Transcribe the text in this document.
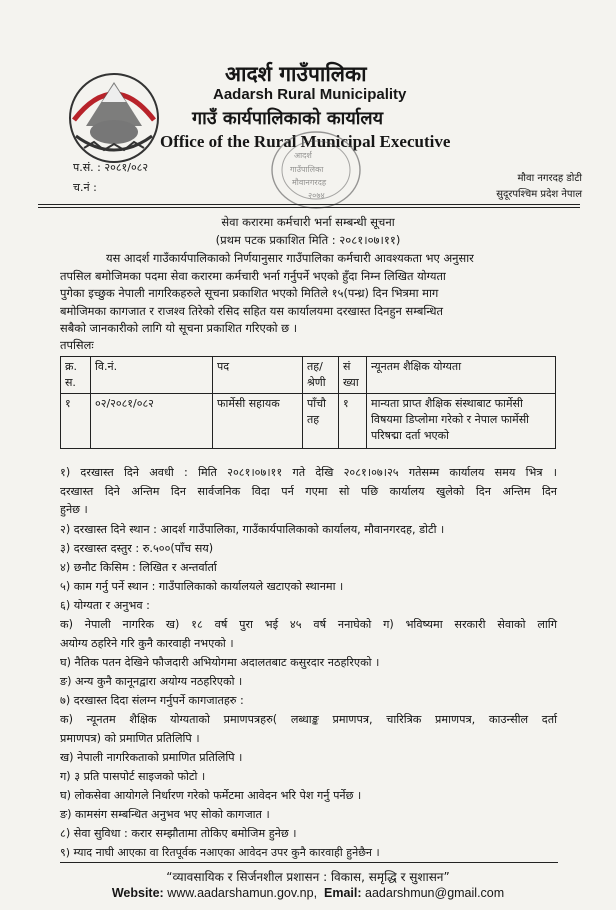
आदर्श गाउँपालिका
Aadarsh Rural Municipality
गाउँ कार्यपालिकाको कार्यालय
Office of the Rural Municipal Executive
आदर्श
गाउँपालिका
मौवानगरदह
२०७४
प.सं. : २०८१/०८२
च.नं :
मौवा नगरदह डोटी
सुदूरपश्चिम प्रदेश नेपाल
सेवा करारमा कर्मचारी भर्ना सम्बन्धी सूचना
(प्रथम पटक प्रकाशित मिति : २०८१।०७।११)
यस आदर्श गाउँकार्यपालिकाको निर्णयानुसार गाउँपालिका कर्मचारी आवश्यकता भए अनुसार
तपसिल बमोजिमका पदमा सेवा करारमा कर्मचारी भर्ना गर्नुपर्ने भएको हुँदा निम्न लिखित योग्यता
पुगेका इच्छुक नेपाली नागरिकहरुले सूचना प्रकाशित भएको मितिले १५(पन्ध्र) दिन भित्रमा माग
बमोजिमका कागजात र राजश्व तिरेको रसिद सहित यस कार्यालयमा दरखास्त दिनहुन सम्बन्धित
सबैको जानकारीको लागि यो सूचना प्रकाशित गरिएको छ ।
तपसिलः
क्र. स.	वि.नं.	पद	तह/ श्रेणी	सं ख्या	न्यूनतम शैक्षिक योग्यता
१	०२/२०८१/०८२	फार्मेसी सहायक	पाँचौ तह	१	मान्यता प्राप्त शैक्षिक संस्थाबाट फार्मेसी विषयमा डिप्लोमा गरेको र नेपाल फार्मेसी परिषद्मा दर्ता भएको
१) दरखास्त दिने अवधी : मिति २०८१।०७।११ गते देखि २०८१।०७।२५ गतेसम्म कार्यालय समय भित्र ।
दरखास्त दिने अन्तिम दिन सार्वजनिक विदा पर्न गएमा सो पछि कार्यालय खुलेको दिन अन्तिम दिन
हुनेछ ।
२) दरखास्त दिने स्थान : आदर्श गाउँपालिका, गाउँकार्यपालिकाको कार्यालय, मौवानगरदह, डोटी ।
३) दरखास्त दस्तुर : रु.५००(पाँच सय)
४) छनौट किसिम : लिखित र अन्तर्वार्ता
५) काम गर्नु पर्ने स्थान : गाउँपालिकाको कार्यालयले खटाएको स्थानमा ।
६) योग्यता र अनुभव :
क) नेपाली नागरिक ख) १८ वर्ष पुरा भई ४५ वर्ष ननाघेको ग) भविष्यमा सरकारी सेवाको लागि
अयोग्य ठहरिने गरि कुनै कारवाही नभएको ।
घ) नैतिक पतन देखिने फौजदारी अभियोगमा अदालतबाट कसुरदार नठहरिएको ।
ङ) अन्य कुनै कानूनद्वारा अयोग्य नठहरिएको ।
७) दरखास्त दिदा संलग्न गर्नुपर्ने कागजातहरु :
क) न्यूनतम शैक्षिक योग्यताको प्रमाणपत्रहरु( लब्धाङ्क प्रमाणपत्र, चारित्रिक प्रमाणपत्र, काउन्सील दर्ता
प्रमाणपत्र) को प्रमाणित प्रतिलिपि ।
ख) नेपाली नागरिकताको प्रमाणित प्रतिलिपि ।
ग) ३ प्रति पासपोर्ट साइजको फोटो ।
घ) लोकसेवा आयोगले निर्धारण गरेको फर्मेटमा आवेदन भरि पेश गर्नु पर्नेछ ।
ङ) कामसंग सम्बन्धित अनुभव भए सोको कागजात ।
८) सेवा सुविधा : करार सम्झौतामा तोकिए बमोजिम हुनेछ ।
९) म्याद नाघी आएका वा रितपूर्वक नआएका आवेदन उपर कुनै कारवाही हुनेछैन ।
“व्यावसायिक र सिर्जनशील प्रशासन : विकास, समृद्धि र सुशासन”
Website: www.aadarshamun.gov.np, Email: aadarshmun@gmail.com
